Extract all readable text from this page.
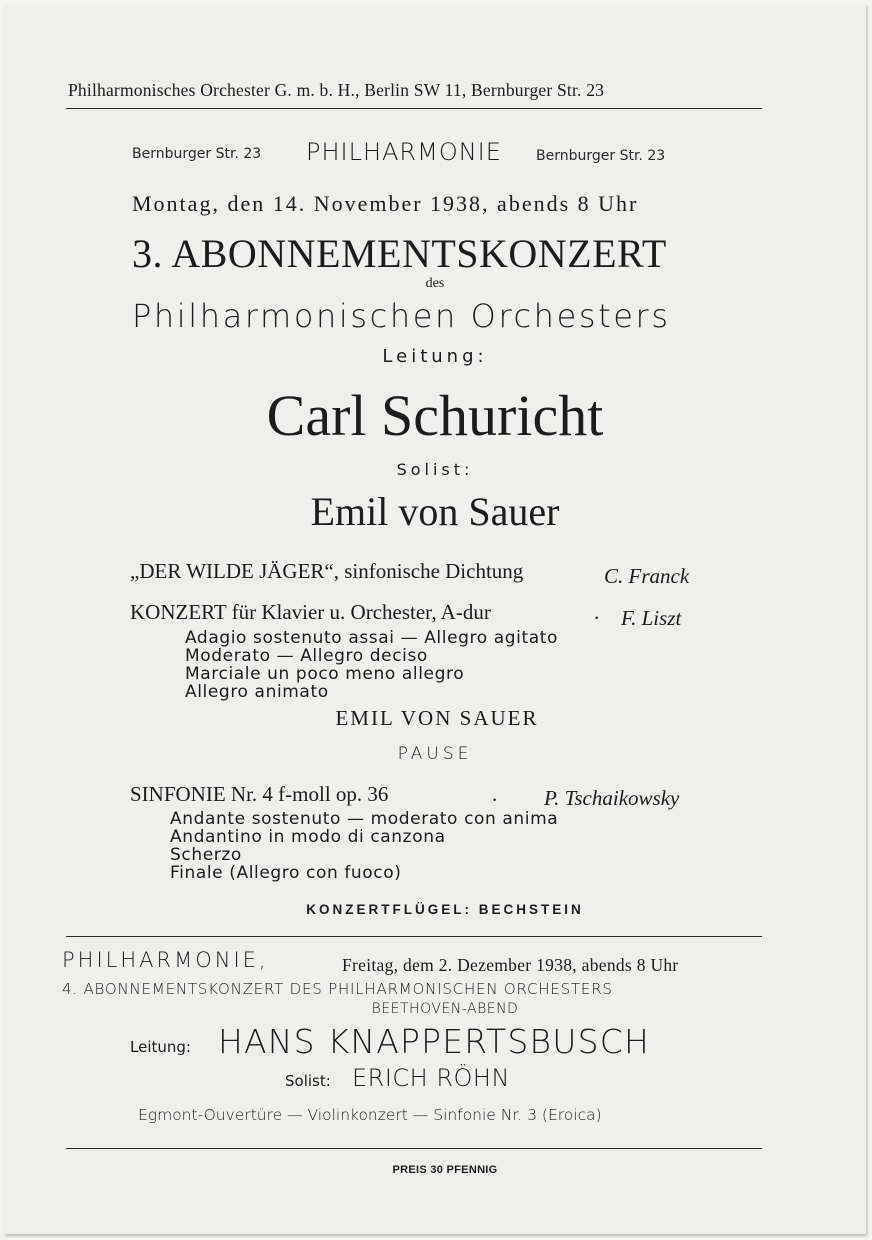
Philharmonisches Orchester G. m. b. H., Berlin SW 11, Bernburger Str. 23
Bernburger Str. 23 PHILHARMONIE Bernburger Str. 23
Montag, den 14. November 1938, abends 8 Uhr
3. ABONNEMENTSKONZERT
des
Philharmonischen Orchesters
Leitung:
Carl Schuricht
Solist:
Emil von Sauer
„DER WILDE JÄGER“, sinfonische Dichtung	C. Franck
KONZERT für Klavier u. Orchester, A-dur	. F. Liszt
Adagio sostenuto assai — Allegro agitato
Moderato — Allegro deciso
Marciale un poco meno allegro
Allegro animato
EMIL VON SAUER
PAUSE
SINFONIE Nr. 4 f-moll op. 36	. P. Tschaikowsky
Andante sostenuto — moderato con anima
Andantino in modo di canzona
Scherzo
Finale (Allegro con fuoco)
KONZERTFLÜGEL: BECHSTEIN
PHILHARMONIE,	Freitag, dem 2. Dezember 1938, abends 8 Uhr
4. ABONNEMENTSKONZERT DES PHILHARMONISCHEN ORCHESTERS
BEETHOVEN-ABEND
Leitung: HANS KNAPPERTSBUSCH
Solist: ERICH RÖHN
Egmont-Ouvertüre — Violinkonzert — Sinfonie Nr. 3 (Eroica)
PREIS 30 PFENNIG
